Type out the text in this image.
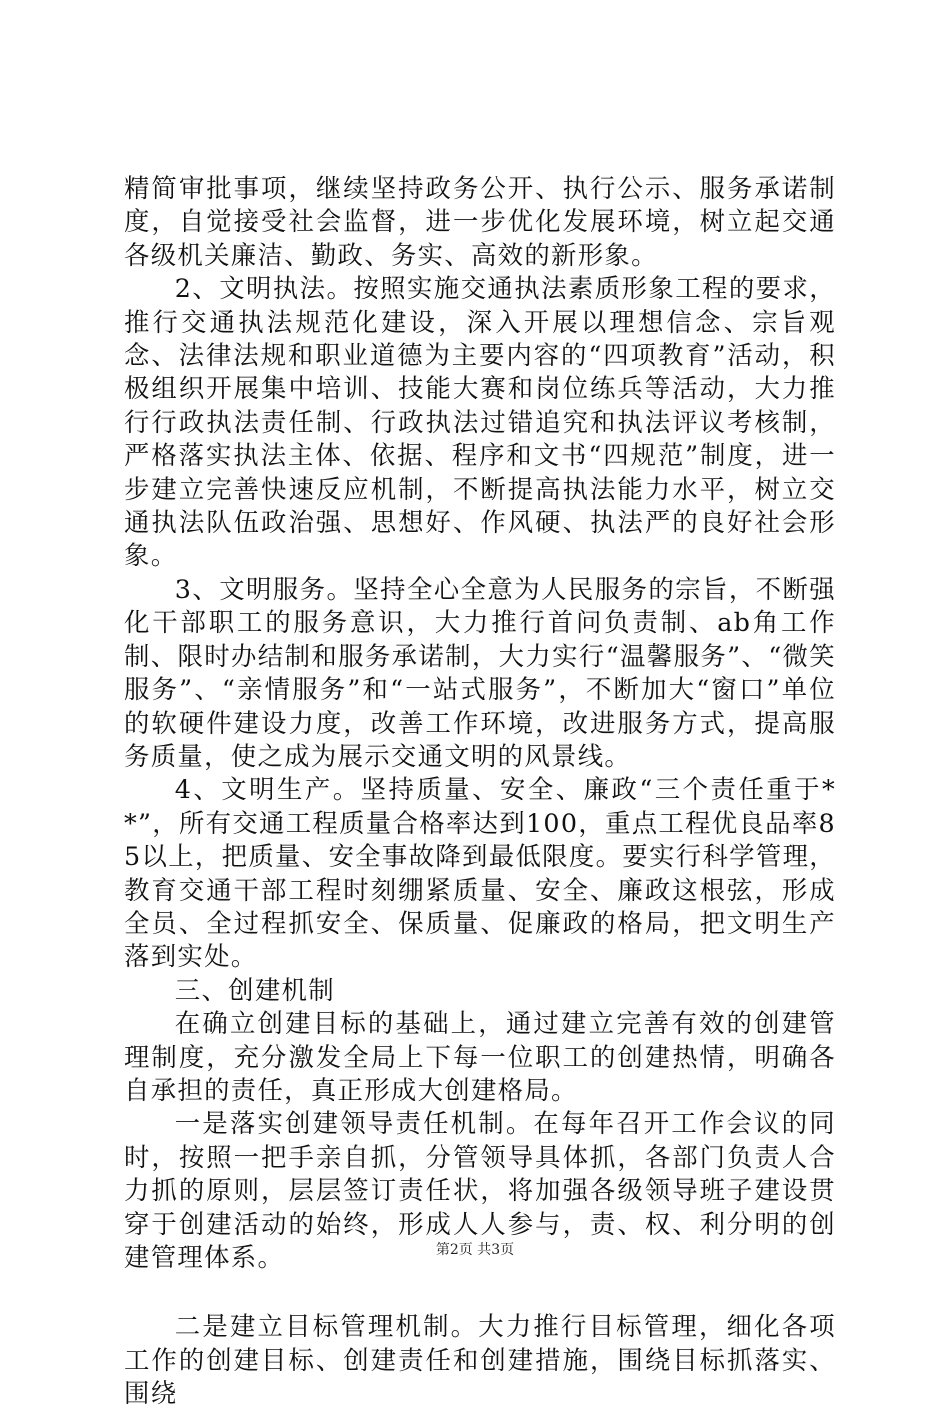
精简审批事项，继续坚持政务公开、执行公示、服务承诺制度，自觉接受社会监督，进一步优化发展环境，树立起交通各级机关廉洁、勤政、务实、高效的新形象。

2、文明执法。按照实施交通执法素质形象工程的要求，推行交通执法规范化建设，深入开展以理想信念、宗旨观念、法律法规和职业道德为主要内容的“四项教育”活动，积极组织开展集中培训、技能大赛和岗位练兵等活动，大力推行行政执法责任制、行政执法过错追究和执法评议考核制，严格落实执法主体、依据、程序和文书“四规范”制度，进一步建立完善快速反应机制，不断提高执法能力水平，树立交通执法队伍政治强、思想好、作风硬、执法严的良好社会形象。

3、文明服务。坚持全心全意为人民服务的宗旨，不断强化干部职工的服务意识，大力推行首问负责制、ab角工作制、限时办结制和服务承诺制，大力实行“温馨服务”、“微笑服务”、“亲情服务”和“一站式服务”，不断加大“窗口”单位的软硬件建设力度，改善工作环境，改进服务方式，提高服务质量，使之成为展示交通文明的风景线。

4、文明生产。坚持质量、安全、廉政“三个责任重于**”，所有交通工程质量合格率达到100，重点工程优良品率85以上，把质量、安全事故降到最低限度。要实行科学管理，教育交通干部工程时刻绷紧质量、安全、廉政这根弦，形成全员、全过程抓安全、保质量、促廉政的格局，把文明生产落到实处。

三、创建机制

在确立创建目标的基础上，通过建立完善有效的创建管理制度，充分激发全局上下每一位职工的创建热情，明确各自承担的责任，真正形成大创建格局。

一是落实创建领导责任机制。在每年召开工作会议的同时，按照一把手亲自抓，分管领导具体抓，各部门负责人合力抓的原则，层层签订责任状，将加强各级领导班子建设贯穿于创建活动的始终，形成人人参与，责、权、利分明的创建管理体系。

二是建立目标管理机制。大力推行目标管理，细化各项工作的创建目标、创建责任和创建措施，围绕目标抓落实、围绕

第2页 共3页
